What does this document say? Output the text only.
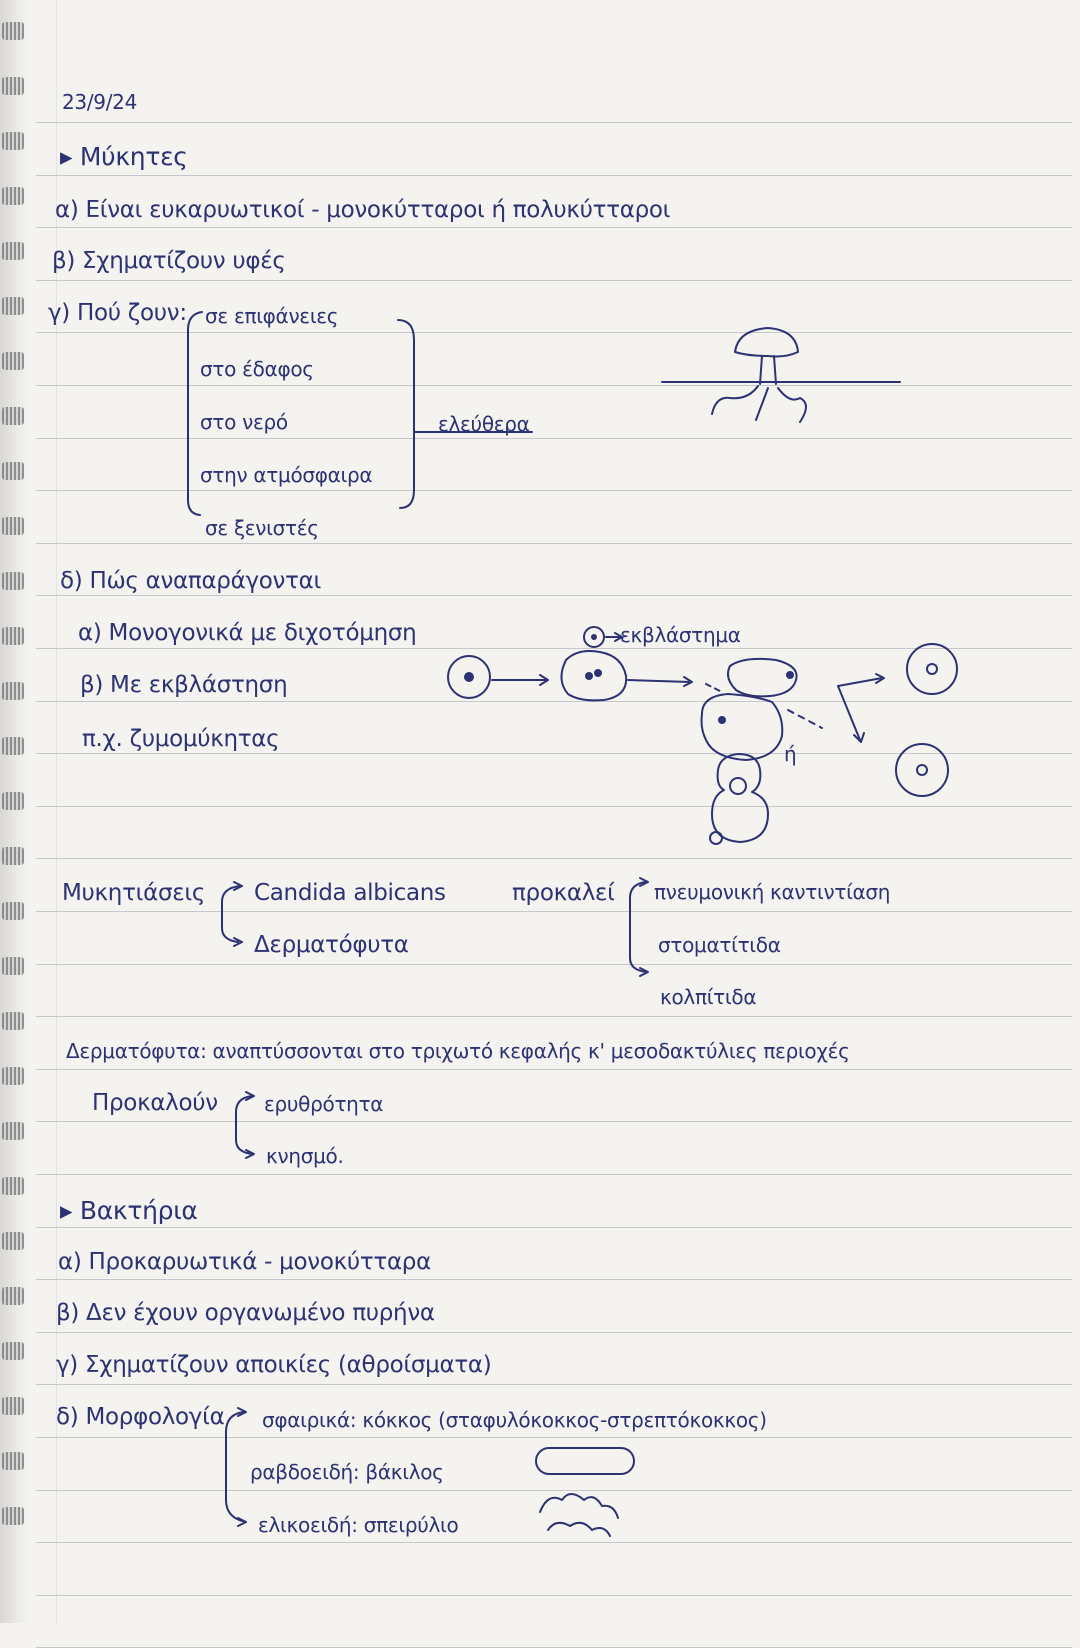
23/9/24
▸ Μύκητες
α) Είναι ευκαρυωτικοί - μονοκύτταροι ή πολυκύτταροι
β) Σχηματίζουν υφές
γ) Πού ζουν: σε επιφάνειες
στο έδαφος
στο νερό
στην ατμόσφαιρα
σε ξενιστές
ελεύθερα
δ) Πώς αναπαράγονται
α) Μονογονικά με διχοτόμηση
β) Με εκβλάστηση
π.χ. ζυμομύκητας
εκβλάστημα
ή
Μυκητιάσεις Candida albicans
Δερματόφυτα
προκαλεί πνευμονική καντιντίαση
στοματίτιδα
κολπίτιδα
Δερματόφυτα: αναπτύσσονται στο τριχωτό κεφαλής κ' μεσοδακτύλιες περιοχές
Προκαλούν ερυθρότητα
κνησμό.
▸ Βακτήρια
α) Προκαρυωτικά - μονοκύτταρα
β) Δεν έχουν οργανωμένο πυρήνα
γ) Σχηματίζουν αποικίες (αθροίσματα)
δ) Μορφολογία σφαιρικά: κόκκος (σταφυλόκοκκος-στρεπτόκοκκος)
ραβδοειδή: βάκιλος
ελικοειδή: σπειρύλιο
